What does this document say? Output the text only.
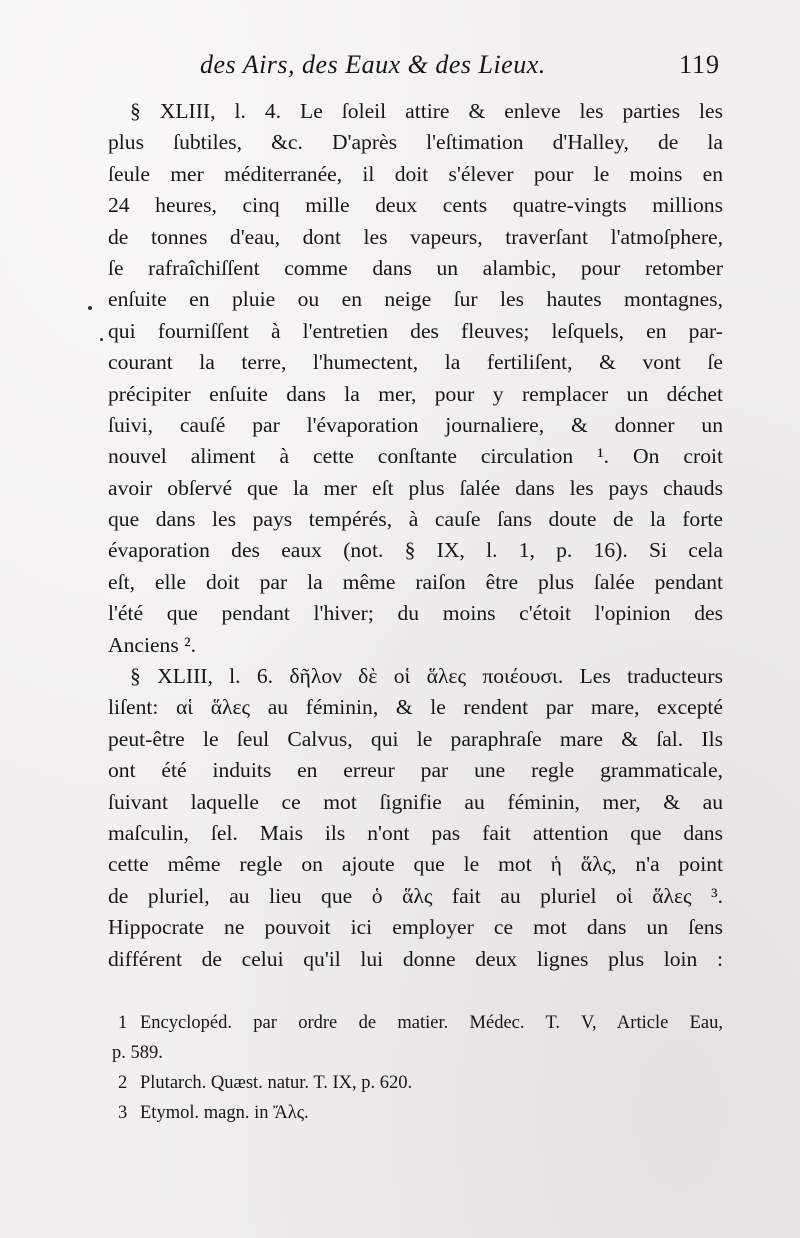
des Airs, des Eaux & des Lieux.	119

§ XLIII, l. 4. Le ſoleil attire & enleve les parties les
plus ſubtiles, &c. D'après l'eſtimation d'Halley, de la
ſeule mer méditerranée, il doit s'élever pour le moins en
24 heures, cinq mille deux cents quatre-vingts millions
de tonnes d'eau, dont les vapeurs, traverſant l'atmoſphere,
ſe rafraîchiſſent comme dans un alambic, pour retomber
enſuite en pluie ou en neige ſur les hautes montagnes,
qui fourniſſent à l'entretien des fleuves; leſquels, en par-
courant la terre, l'humectent, la fertiliſent, & vont ſe
précipiter enſuite dans la mer, pour y remplacer un déchet
ſuivi, cauſé par l'évaporation journaliere, & donner un
nouvel aliment à cette conſtante circulation ¹. On croit
avoir obſervé que la mer eſt plus ſalée dans les pays chauds
que dans les pays tempérés, à cauſe ſans doute de la forte
évaporation des eaux (not. § IX, l. 1, p. 16). Si cela
eſt, elle doit par la même raiſon être plus ſalée pendant
l'été que pendant l'hiver; du moins c'étoit l'opinion des
Anciens ².

§ XLIII, l. 6. δῆλον δὲ οἱ ἅλες ποιέουσι. Les traducteurs
liſent: αἱ ἅλες au féminin, & le rendent par mare, excepté
peut-être le ſeul Calvus, qui le paraphraſe mare & ſal. Ils
ont été induits en erreur par une regle grammaticale,
ſuivant laquelle ce mot ſignifie au féminin, mer, & au
maſculin, ſel. Mais ils n'ont pas fait attention que dans
cette même regle on ajoute que le mot ἡ ἅλς, n'a point
de pluriel, au lieu que ὁ ἅλς fait au pluriel οἱ ἅλες ³.
Hippocrate ne pouvoit ici employer ce mot dans un ſens
différent de celui qu'il lui donne deux lignes plus loin :

1 Encyclopéd. par ordre de matier. Médec. T. V, Article Eau,
p. 589.
2 Plutarch. Quæst. natur. T. IX, p. 620.
3 Etymol. magn. in Ἄλς.
